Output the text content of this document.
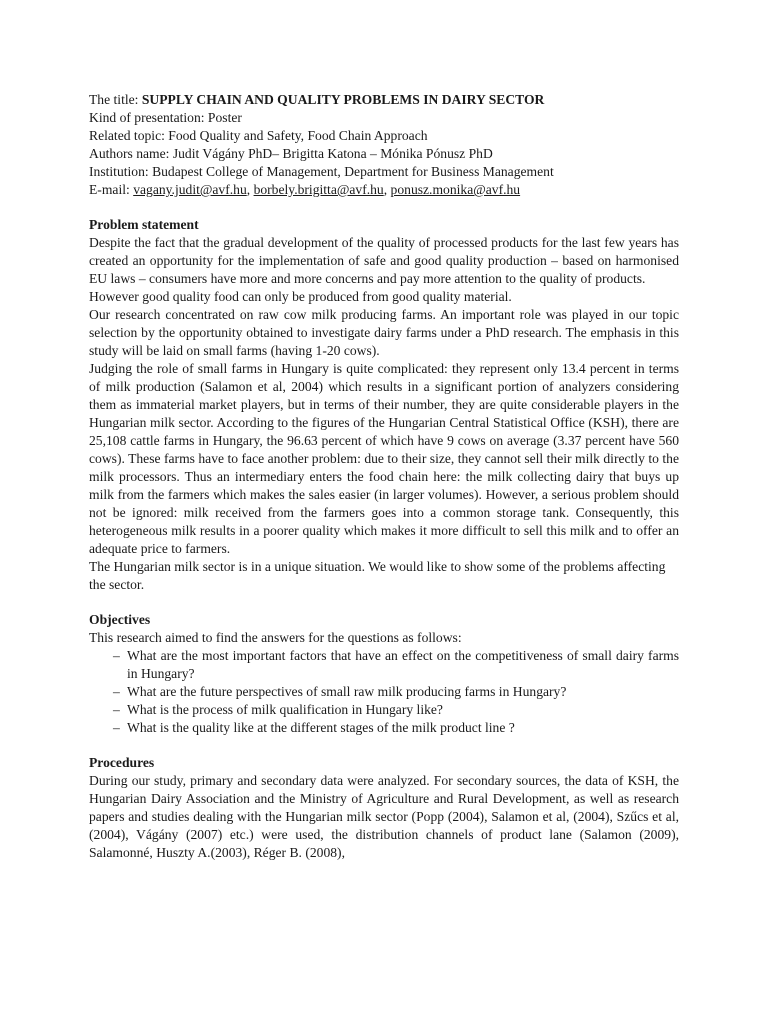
The title: SUPPLY CHAIN AND QUALITY PROBLEMS IN DAIRY SECTOR
Kind of presentation: Poster
Related topic: Food Quality and Safety, Food Chain Approach
Authors name: Judit Vágány PhD– Brigitta Katona – Mónika Pónusz PhD
Institution: Budapest College of Management, Department for Business Management
E-mail: vagany.judit@avf.hu, borbely.brigitta@avf.hu, ponusz.monika@avf.hu
Problem statement

Despite the fact that the gradual development of the quality of processed products for the last few years has created an opportunity for the implementation of safe and good quality production – based on harmonised EU laws – consumers have more and more concerns and pay more attention to the quality of products.

However good quality food can only be produced from good quality material.

Our research concentrated on raw cow milk producing farms. An important role was played in our topic selection by the opportunity obtained to investigate dairy farms under a PhD research. The emphasis in this study will be laid on small farms (having 1-20 cows).

Judging the role of small farms in Hungary is quite complicated: they represent only 13.4 percent in terms of milk production (Salamon et al, 2004) which results in a significant portion of analyzers considering them as immaterial market players, but in terms of their number, they are quite considerable players in the Hungarian milk sector. According to the figures of the Hungarian Central Statistical Office (KSH), there are 25,108 cattle farms in Hungary, the 96.63 percent of which have 9 cows on average (3.37 percent have 560 cows). These farms have to face another problem: due to their size, they cannot sell their milk directly to the milk processors. Thus an intermediary enters the food chain here: the milk collecting dairy that buys up milk from the farmers which makes the sales easier (in larger volumes). However, a serious problem should not be ignored: milk received from the farmers goes into a common storage tank. Consequently, this heterogeneous milk results in a poorer quality which makes it more difficult to sell this milk and to offer an adequate price to farmers.

The Hungarian milk sector is in a unique situation. We would like to show some of the problems affecting the sector.

Objectives

This research aimed to find the answers for the questions as follows:

– What are the most important factors that have an effect on the competitiveness of small dairy farms in Hungary?
– What are the future perspectives of small raw milk producing farms in Hungary?
– What is the process of milk qualification in Hungary like?
– What is the quality like at the different stages of the milk product line ?
Procedures

During our study, primary and secondary data were analyzed. For secondary sources, the data of KSH, the Hungarian Dairy Association and the Ministry of Agriculture and Rural Development, as well as research papers and studies dealing with the Hungarian milk sector (Popp (2004), Salamon et al, (2004), Szűcs et al, (2004), Vágány (2007) etc.) were used, the distribution channels of product lane (Salamon (2009), Salamonné, Huszty A.(2003), Réger B. (2008),
